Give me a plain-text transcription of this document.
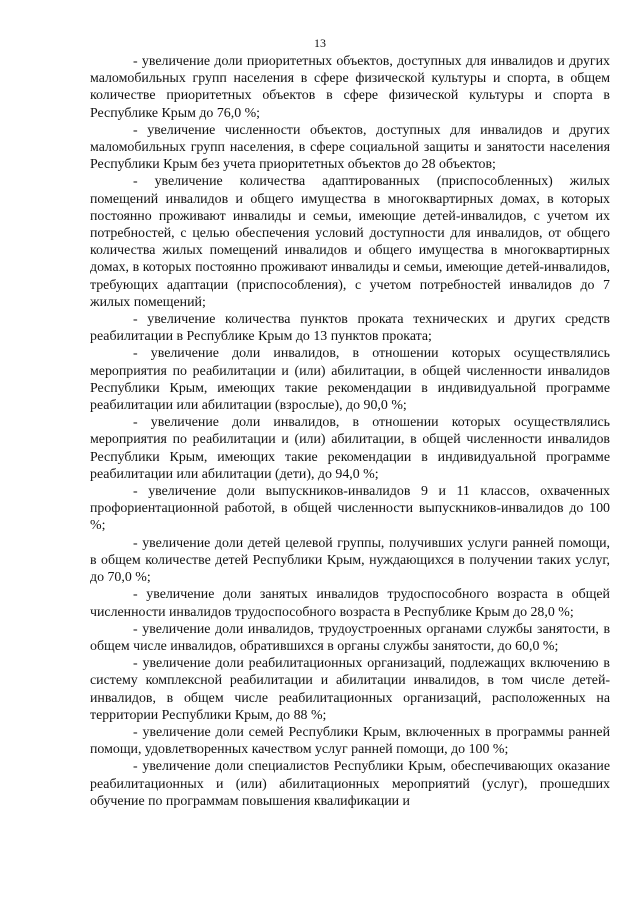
13

- увеличение доли приоритетных объектов, доступных для инвалидов и других маломобильных групп населения в сфере физической культуры и спорта, в общем количестве приоритетных объектов в сфере физической культуры и спорта в Республике Крым до 76,0 %;

- увеличение численности объектов, доступных для инвалидов и других маломобильных групп населения, в сфере социальной защиты и занятости населения Республики Крым без учета приоритетных объектов до 28 объектов;

- увеличение количества адаптированных (приспособленных) жилых помещений инвалидов и общего имущества в многоквартирных домах, в которых постоянно проживают инвалиды и семьи, имеющие детей-инвалидов, с учетом их потребностей, с целью обеспечения условий доступности для инвалидов, от общего количества жилых помещений инвалидов и общего имущества в многоквартирных домах, в которых постоянно проживают инвалиды и семьи, имеющие детей-инвалидов, требующих адаптации (приспособления), с учетом потребностей инвалидов до 7 жилых помещений;

- увеличение количества пунктов проката технических и других средств реабилитации в Республике Крым до 13 пунктов проката;

- увеличение доли инвалидов, в отношении которых осуществлялись мероприятия по реабилитации и (или) абилитации, в общей численности инвалидов Республики Крым, имеющих такие рекомендации в индивидуальной программе реабилитации или абилитации (взрослые), до 90,0 %;

- увеличение доли инвалидов, в отношении которых осуществлялись мероприятия по реабилитации и (или) абилитации, в общей численности инвалидов Республики Крым, имеющих такие рекомендации в индивидуальной программе реабилитации или абилитации (дети), до 94,0 %;

- увеличение доли выпускников-инвалидов 9 и 11 классов, охваченных профориентационной работой, в общей численности выпускников-инвалидов до 100 %;

- увеличение доли детей целевой группы, получивших услуги ранней помощи, в общем количестве детей Республики Крым, нуждающихся в получении таких услуг, до 70,0 %;

- увеличение доли занятых инвалидов трудоспособного возраста в общей численности инвалидов трудоспособного возраста в Республике Крым до 28,0 %;

- увеличение доли инвалидов, трудоустроенных органами службы занятости, в общем числе инвалидов, обратившихся в органы службы занятости, до 60,0 %;

- увеличение доли реабилитационных организаций, подлежащих включению в систему комплексной реабилитации и абилитации инвалидов, в том числе детей-инвалидов, в общем числе реабилитационных организаций, расположенных на территории Республики Крым, до 88 %;

- увеличение доли семей Республики Крым, включенных в программы ранней помощи, удовлетворенных качеством услуг ранней помощи, до 100 %;

- увеличение доли специалистов Республики Крым, обеспечивающих оказание реабилитационных и (или) абилитационных мероприятий (услуг), прошедших обучение по программам повышения квалификации и
